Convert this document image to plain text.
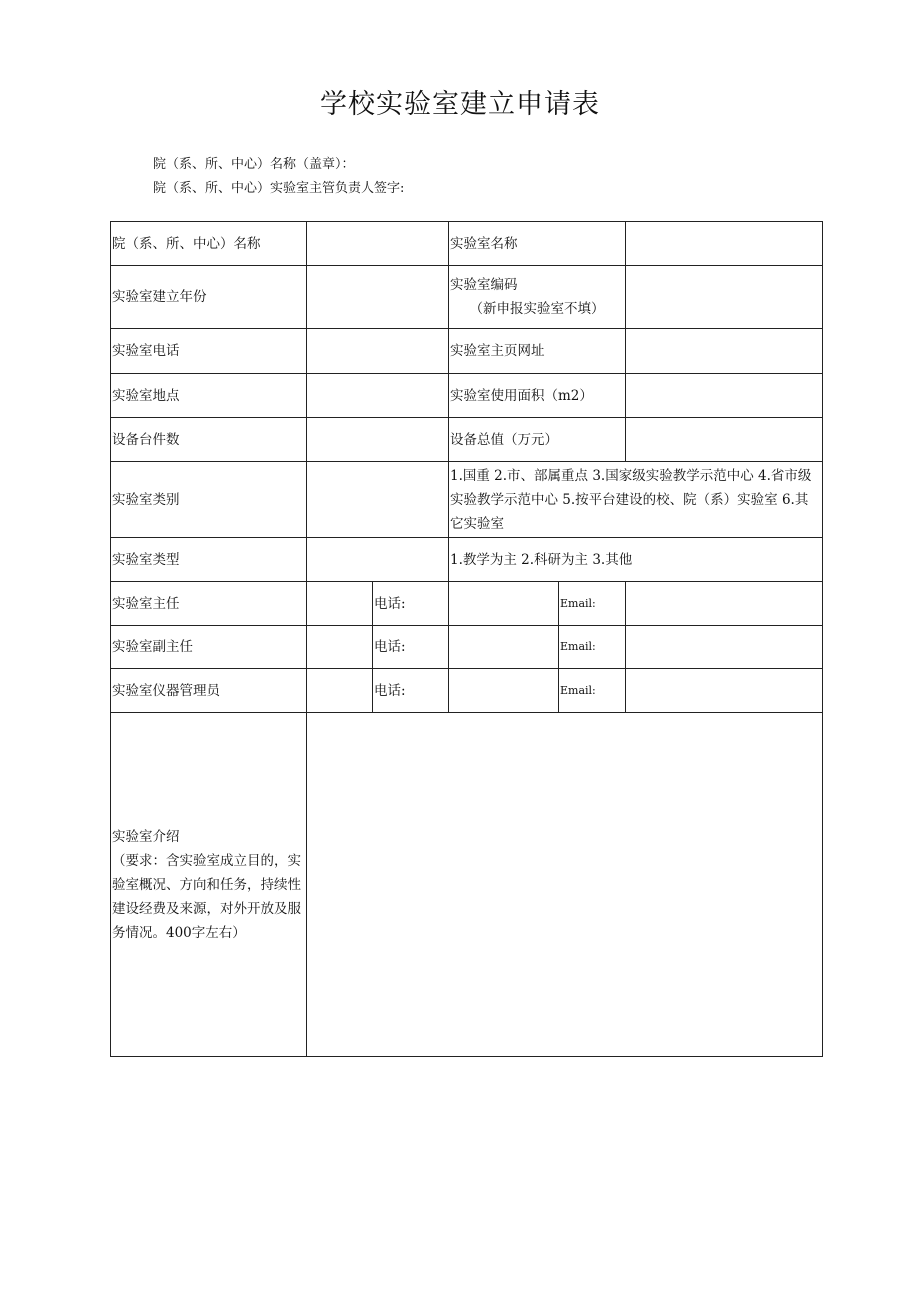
学校实验室建立申请表
院（系、所、中心）名称（盖章）：
院（系、所、中心）实验室主管负责人签字:
院（系、所、中心）名称			实验室名称		
实验室建立年份			实验室编码
（新申报实验室不填）		

实验室电话			实验室主页网址		
实验室地点			实验室使用面积（m2）		
设备台件数			设备总值（万元）		
实验室类别			1.国重 2.市、部属重点 3.国家级实验教学示范中心 4.省市级实验教学示范中心 5.按平台建设的校、院（系）实验室 6.其它实验室		
实验室类型			1.教学为主 2.科研为主 3.其他		
实验室主任		电话:		Email:	
实验室副主任		电话:		Email:	
实验室仪器管理员		电话:		Email:	

实验室介绍
（要求：含实验室成立目的，实验室概况、方向和任务，持续性建设经费及来源，对外开放及服务情况。400字左右）					
